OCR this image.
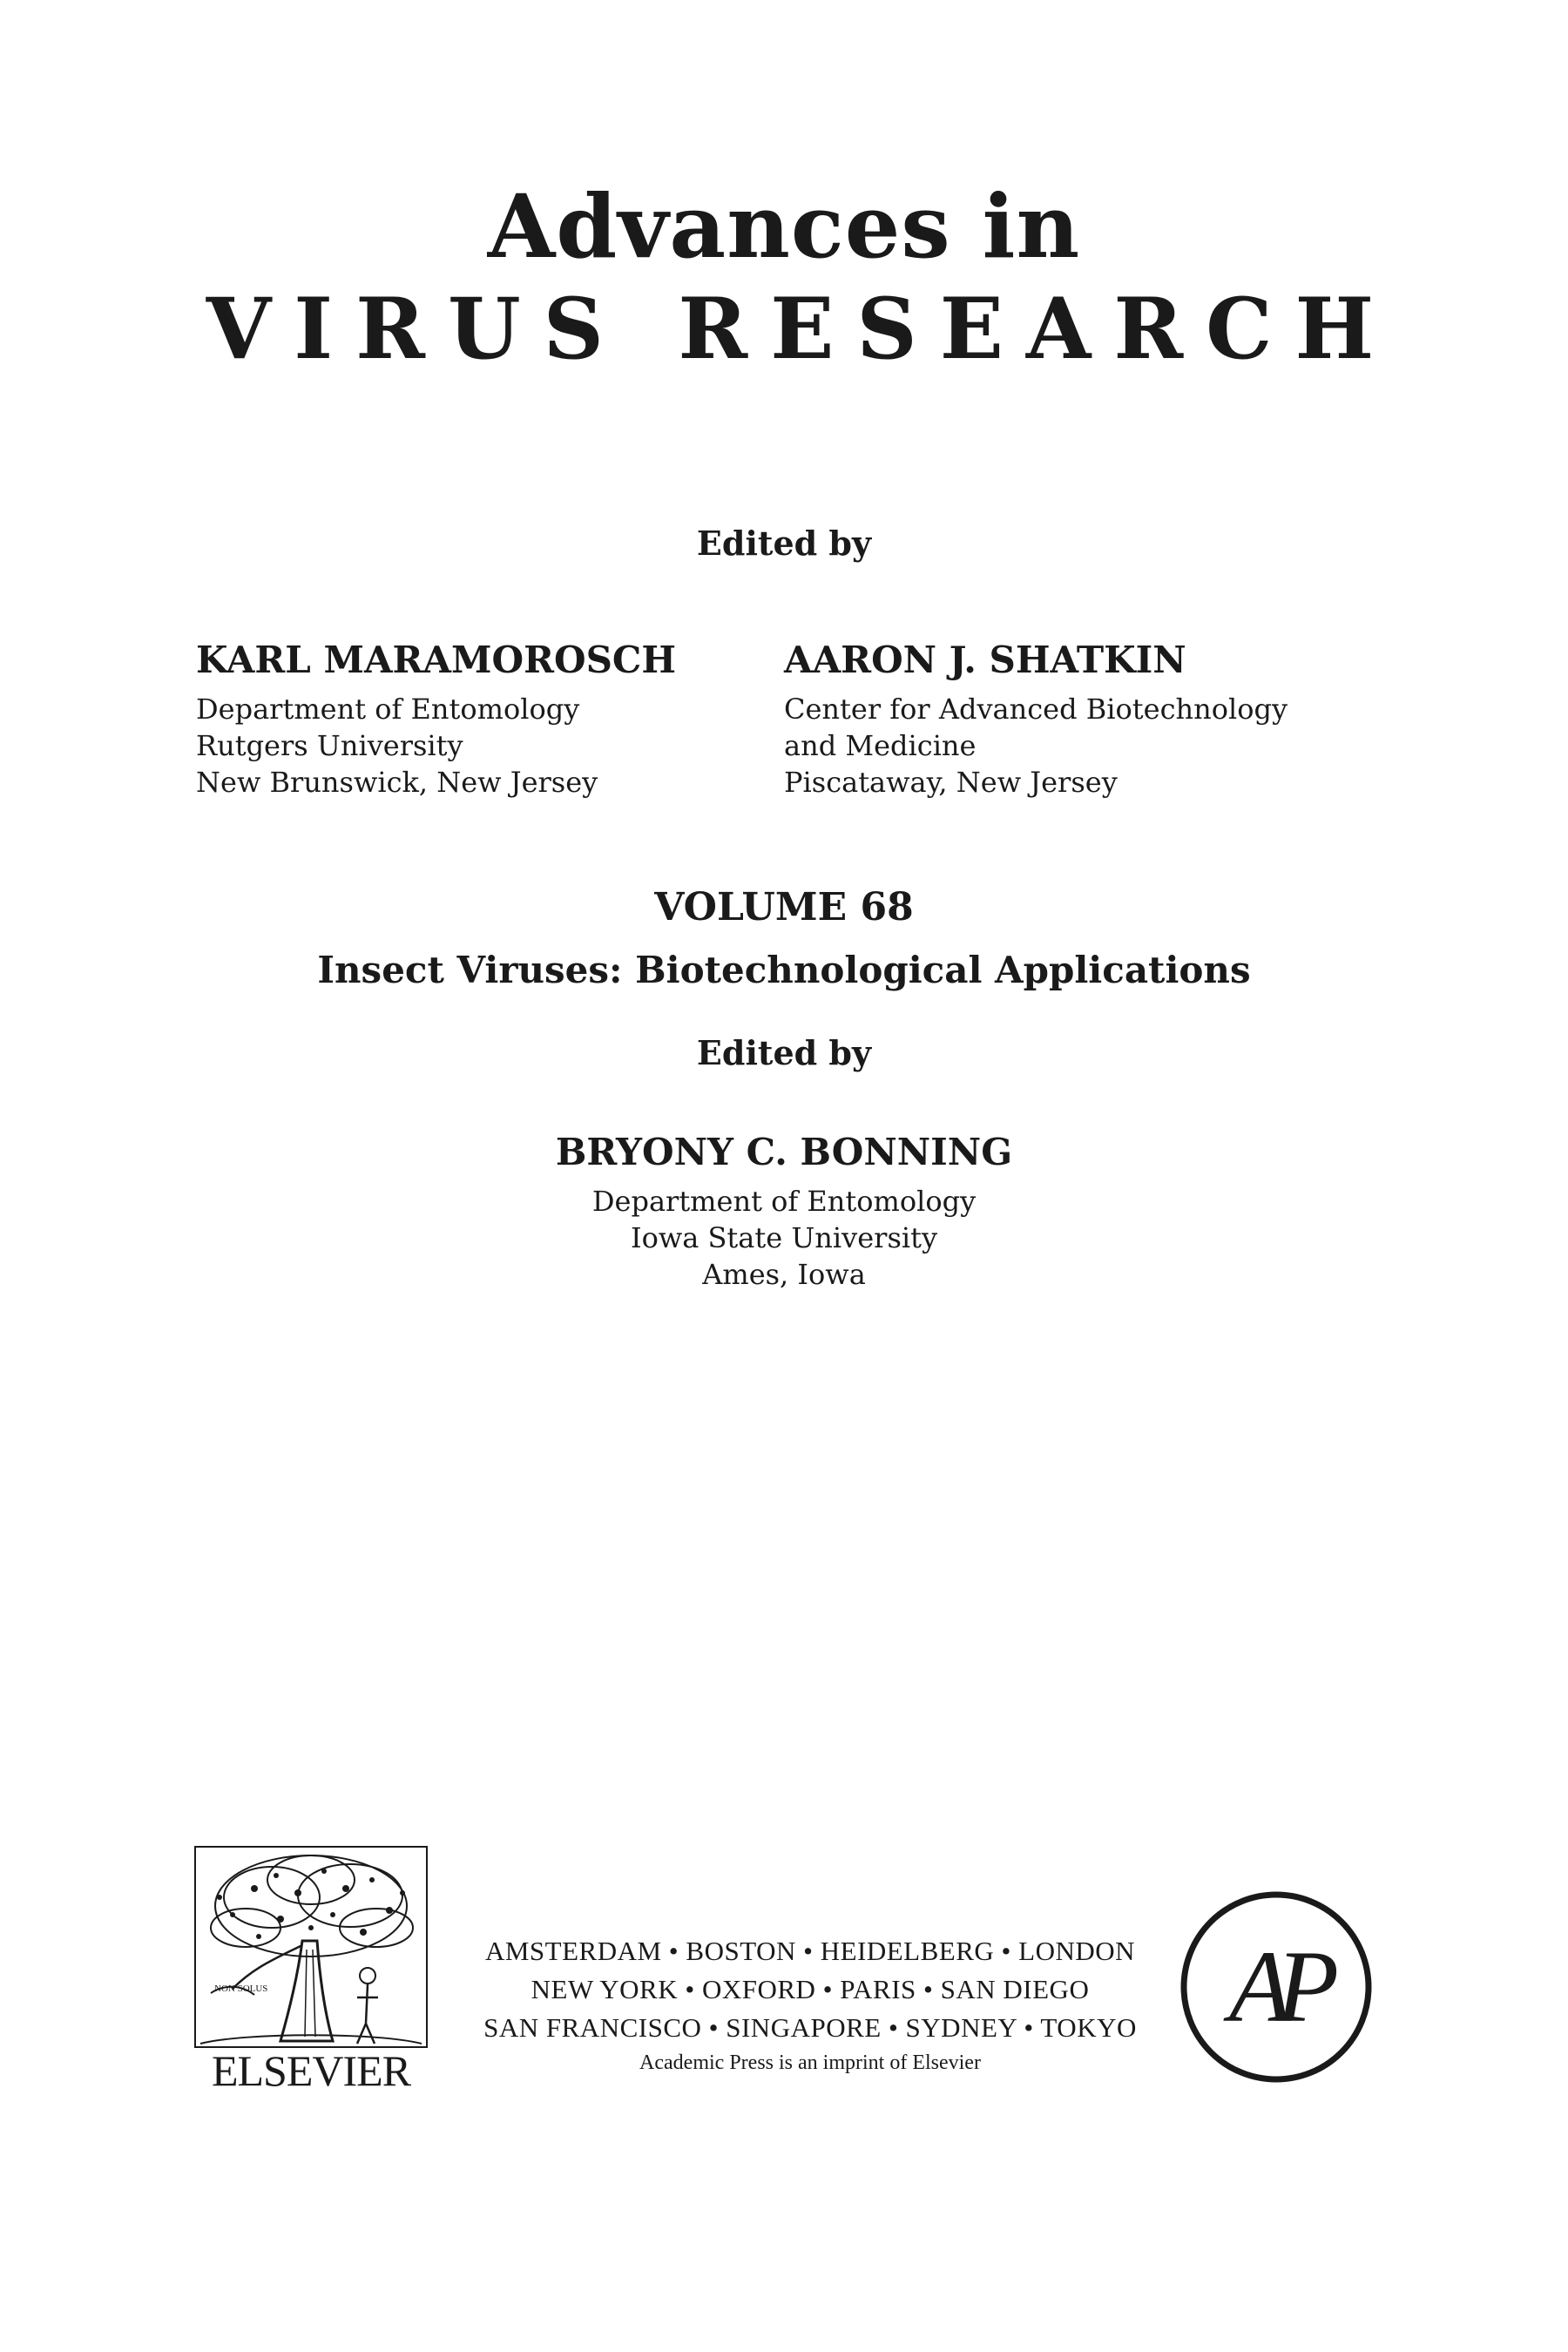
Advances in
VIRUS RESEARCH
Edited by
KARL MARAMOROSCH
Department of Entomology
Rutgers University
New Brunswick, New Jersey
AARON J. SHATKIN
Center for Advanced Biotechnology
and Medicine
Piscataway, New Jersey
VOLUME 68
Insect Viruses: Biotechnological Applications
Edited by
BRYONY C. BONNING
Department of Entomology
Iowa State University
Ames, Iowa
NON SOLUS
ELSEVIER
AMSTERDAM • BOSTON • HEIDELBERG • LONDON
NEW YORK • OXFORD • PARIS • SAN DIEGO
SAN FRANCISCO • SINGAPORE • SYDNEY • TOKYO
Academic Press is an imprint of Elsevier
AP
